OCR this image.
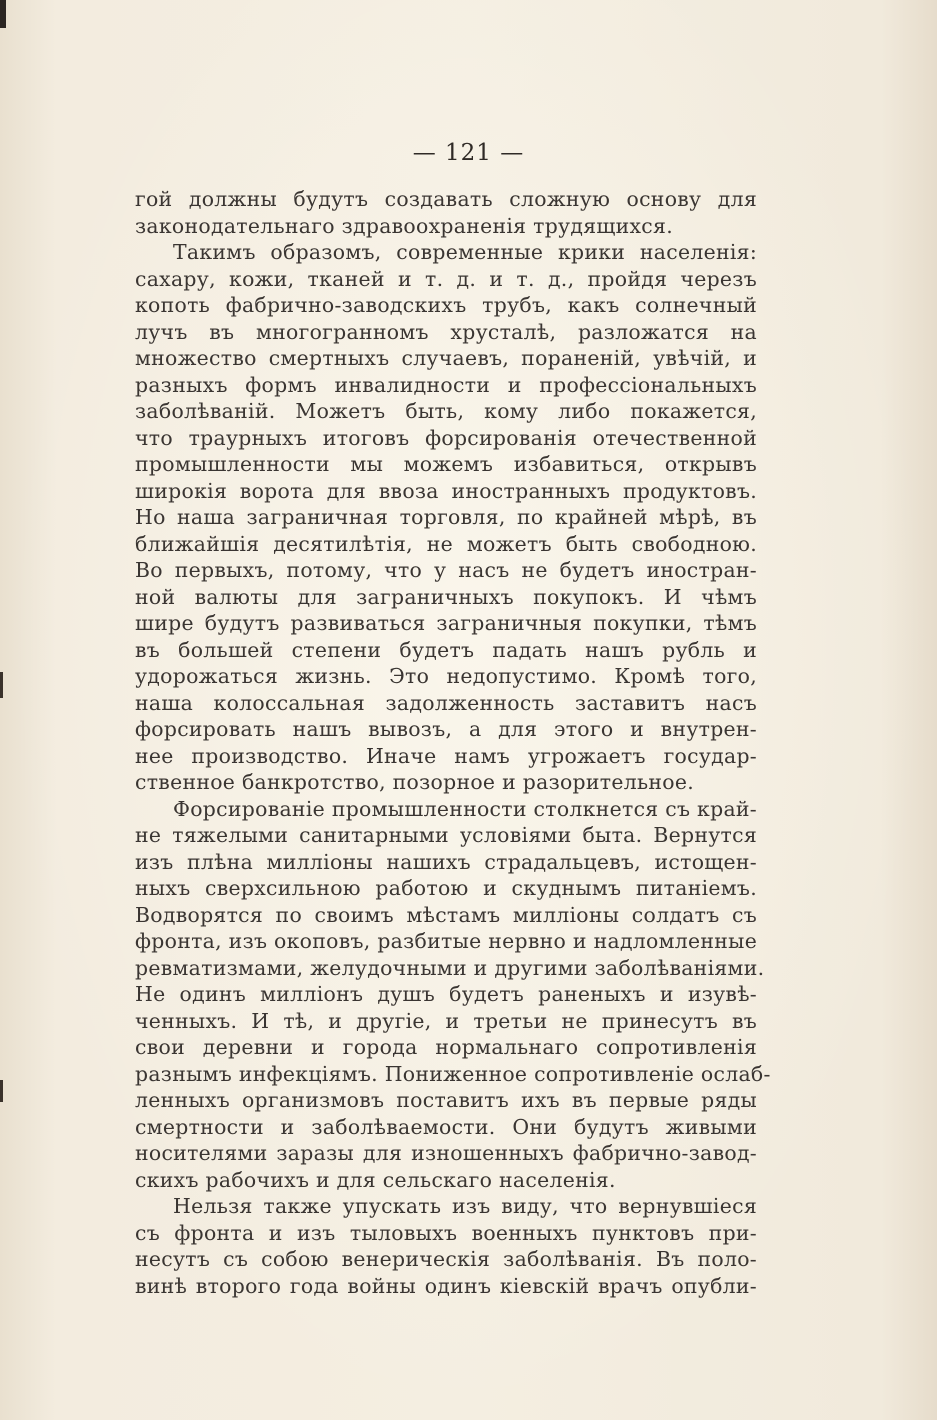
— 121 —
гой должны будутъ создавать сложную основу для
законодательнаго здравоохраненія трудящихся.
Такимъ образомъ, современные крики населенія:
сахару, кожи, тканей и т. д. и т. д., пройдя черезъ
копоть фабрично-заводскихъ трубъ, какъ солнечный
лучъ въ многогранномъ хрусталѣ, разложатся на
множество смертныхъ случаевъ, пораненій, увѣчій, и
разныхъ формъ инвалидности и профессіональныхъ
заболѣваній. Можетъ быть, кому либо покажется,
что траурныхъ итоговъ форсированія отечественной
промышленности мы можемъ избавиться, открывъ
широкія ворота для ввоза иностранныхъ продуктовъ.
Но наша заграничная торговля, по крайней мѣрѣ, въ
ближайшія десятилѣтія, не можетъ быть свободною.
Во первыхъ, потому, что у насъ не будетъ иностран-
ной валюты для заграничныхъ покупокъ. И чѣмъ
шире будутъ развиваться заграничныя покупки, тѣмъ
въ большей степени будетъ падать нашъ рубль и
удорожаться жизнь. Это недопустимо. Кромѣ того,
наша колоссальная задолженность заставитъ насъ
форсировать нашъ вывозъ, а для этого и внутрен-
нее производство. Иначе намъ угрожаетъ государ-
ственное банкротство, позорное и разорительное.
Форсированіе промышленности столкнется съ край-
не тяжелыми санитарными условіями быта. Вернутся
изъ плѣна милліоны нашихъ страдальцевъ, истощен-
ныхъ сверхсильною работою и скуднымъ питаніемъ.
Водворятся по своимъ мѣстамъ милліоны солдатъ съ
фронта, изъ окоповъ, разбитые нервно и надломленные
ревматизмами, желудочными и другими заболѣваніями.
Не одинъ милліонъ душъ будетъ раненыхъ и изувѣ-
ченныхъ. И тѣ, и другіе, и третьи не принесутъ въ
свои деревни и города нормальнаго сопротивленія
разнымъ инфекціямъ. Пониженное сопротивленіе ослаб-
ленныхъ организмовъ поставитъ ихъ въ первые ряды
смертности и заболѣваемости. Они будутъ живыми
носителями заразы для изношенныхъ фабрично-завод-
скихъ рабочихъ и для сельскаго населенія.
Нельзя также упускать изъ виду, что вернувшіеся
съ фронта и изъ тыловыхъ военныхъ пунктовъ при-
несутъ съ собою венерическія заболѣванія. Въ поло-
винѣ второго года войны одинъ кіевскій врачъ опубли-
